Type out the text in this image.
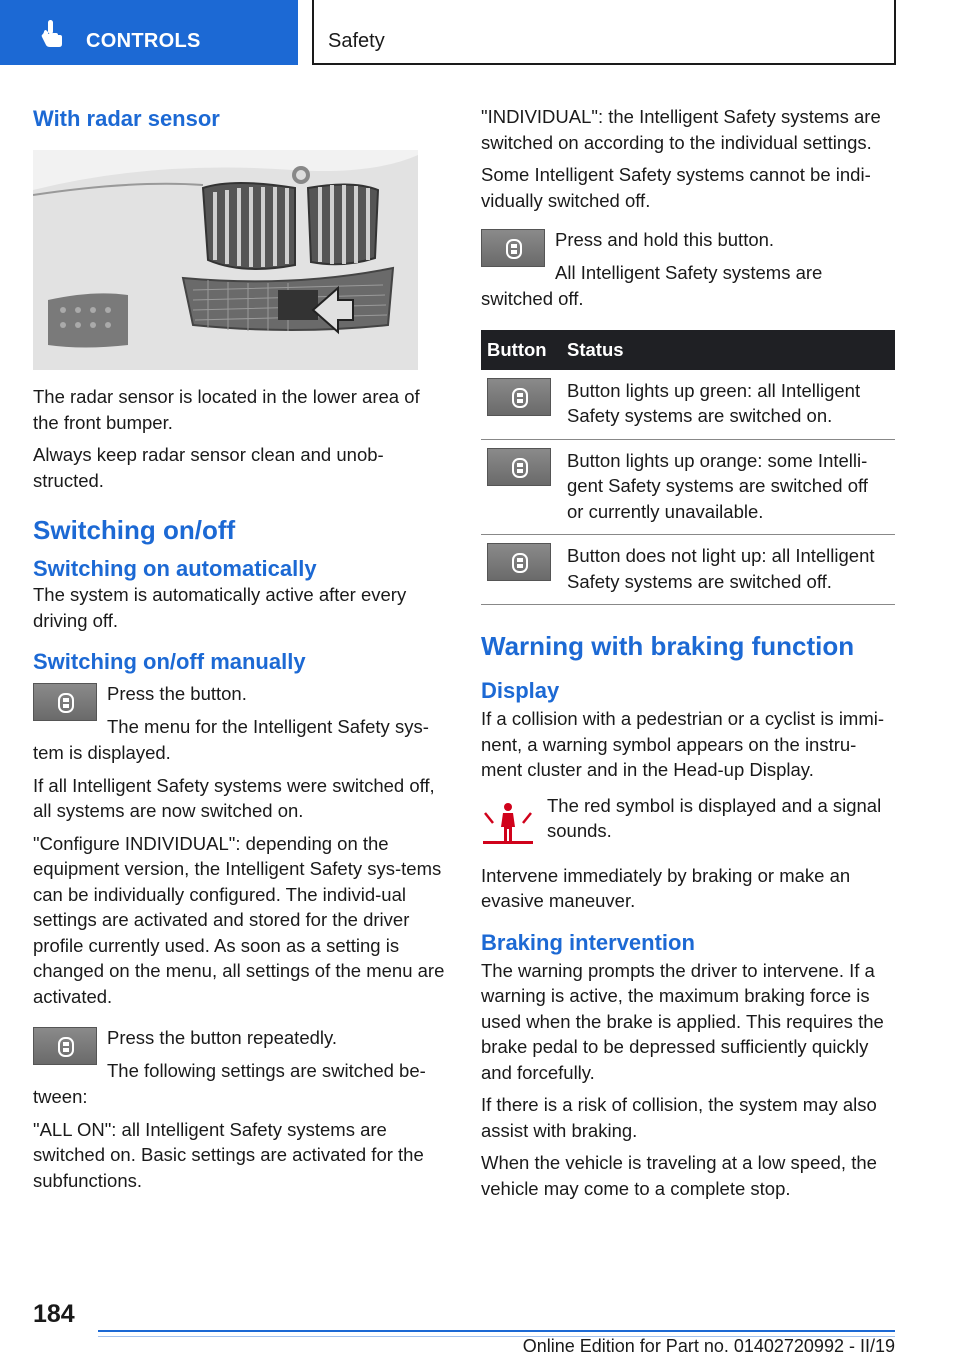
CONTROLS	Safety
With radar sensor

The radar sensor is located in the lower area of the front bumper.

Always keep radar sensor clean and unob-structed.

Switching on/off
Switching on automatically

The system is automatically active after every driving off.

Switching on/off manually

Press the button.

The menu for the Intelligent Safety sys-

tem is displayed.

If all Intelligent Safety systems were switched off, all systems are now switched on.

"Configure INDIVIDUAL": depending on the equipment version, the Intelligent Safety sys-tems can be individually configured. The individ-ual settings are activated and stored for the driver profile currently used. As soon as a setting is changed on the menu, all settings of the menu are activated.

Press the button repeatedly.

The following settings are switched be-

tween:

"ALL ON": all Intelligent Safety systems are switched on. Basic settings are activated for the subfunctions.

"INDIVIDUAL": the Intelligent Safety systems are switched on according to the individual settings.

Some Intelligent Safety systems cannot be indi-vidually switched off.

Press and hold this button.

All Intelligent Safety systems are

switched off.

Button	Status

	Button lights up green: all Intelligent Safety systems are switched on.

	Button lights up orange: some Intelli-gent Safety systems are switched off or currently unavailable.

	Button does not light up: all Intelligent Safety systems are switched off.
Warning with braking function
Display

If a collision with a pedestrian or a cyclist is immi-nent, a warning symbol appears on the instru-ment cluster and in the Head-up Display.

The red symbol is displayed and a signal sounds.

Intervene immediately by braking or make an evasive maneuver.

Braking intervention

The warning prompts the driver to intervene. If a warning is active, the maximum braking force is used when the brake is applied. This requires the brake pedal to be depressed sufficiently quickly and forcefully.

If there is a risk of collision, the system may also assist with braking.

When the vehicle is traveling at a low speed, the vehicle may come to a complete stop.

184
Online Edition for Part no. 01402720992 - II/19
